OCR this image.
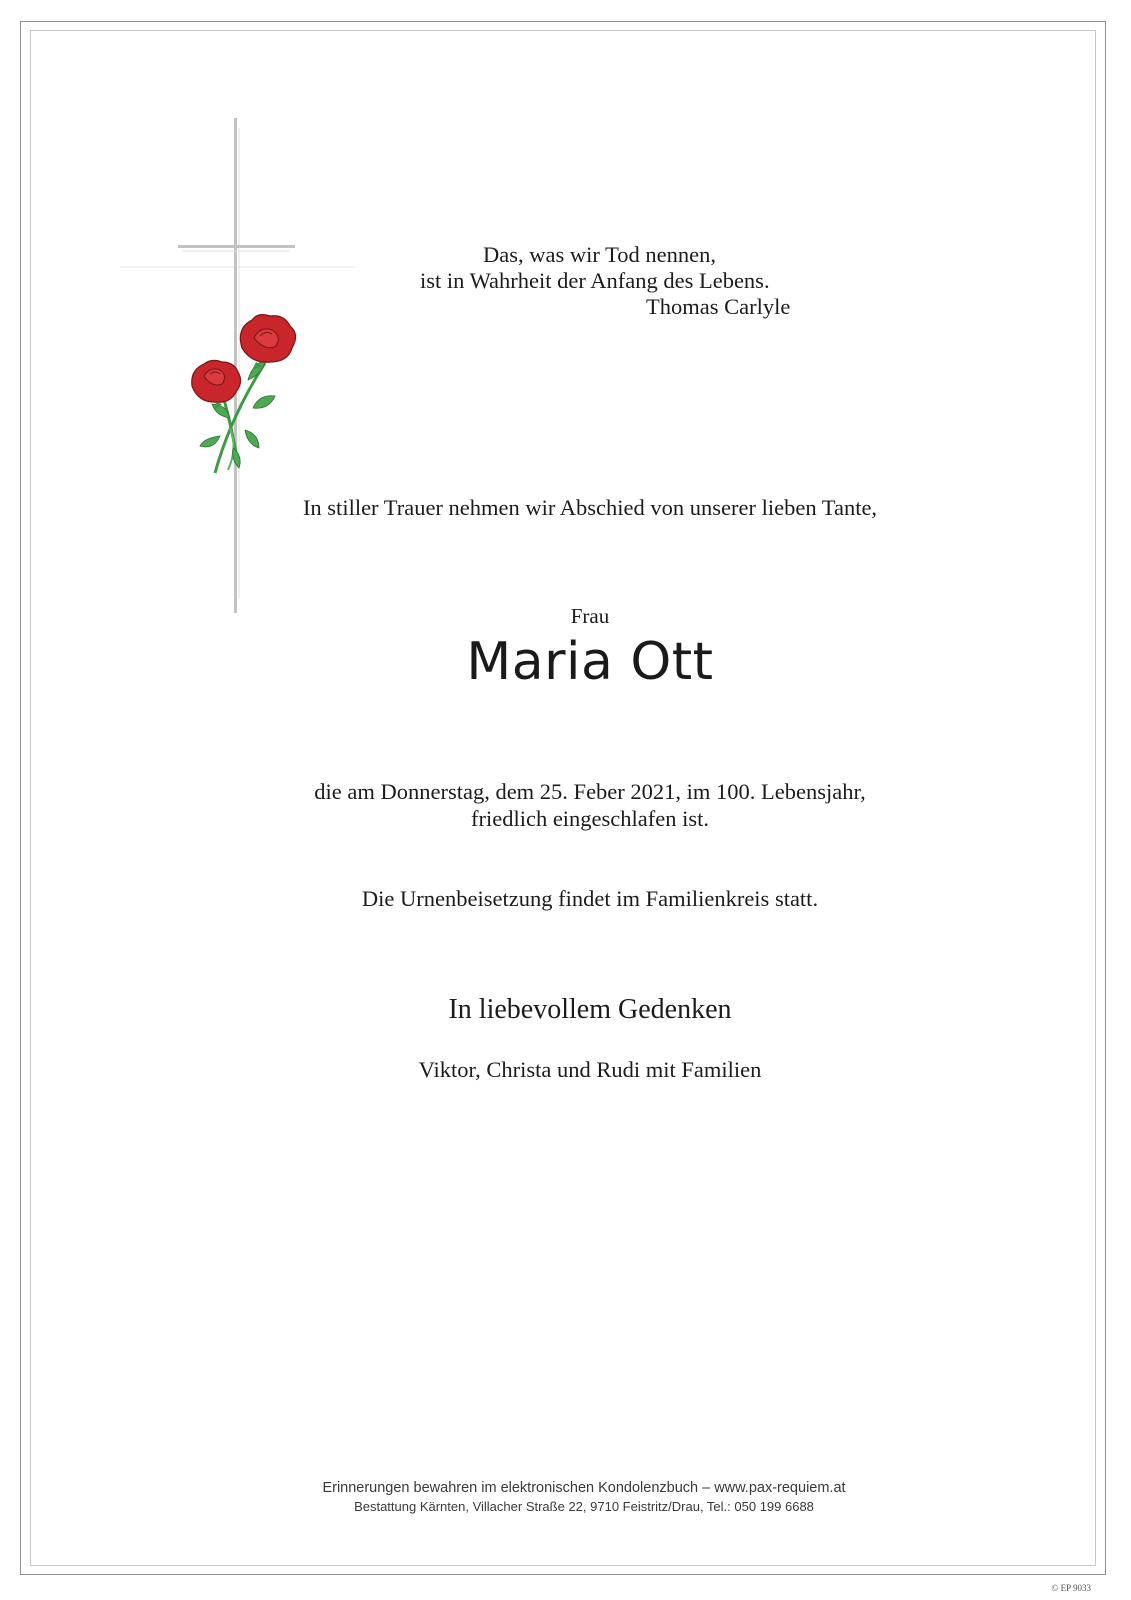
Das, was wir Tod nennen,
ist in Wahrheit der Anfang des Lebens.
Thomas Carlyle

In stiller Trauer nehmen wir Abschied von unserer lieben Tante,

Frau

Maria Ott

die am Donnerstag, dem 25. Feber 2021, im 100. Lebensjahr,

friedlich eingeschlafen ist.

Die Urnenbeisetzung findet im Familienkreis statt.

In liebevollem Gedenken

Viktor, Christa und Rudi mit Familien

Erinnerungen bewahren im elektronischen Kondolenzbuch – www.pax-requiem.at
Bestattung Kärnten, Villacher Straße 22, 9710 Feistritz/Drau, Tel.: 050 199 6688
© EP 9033
